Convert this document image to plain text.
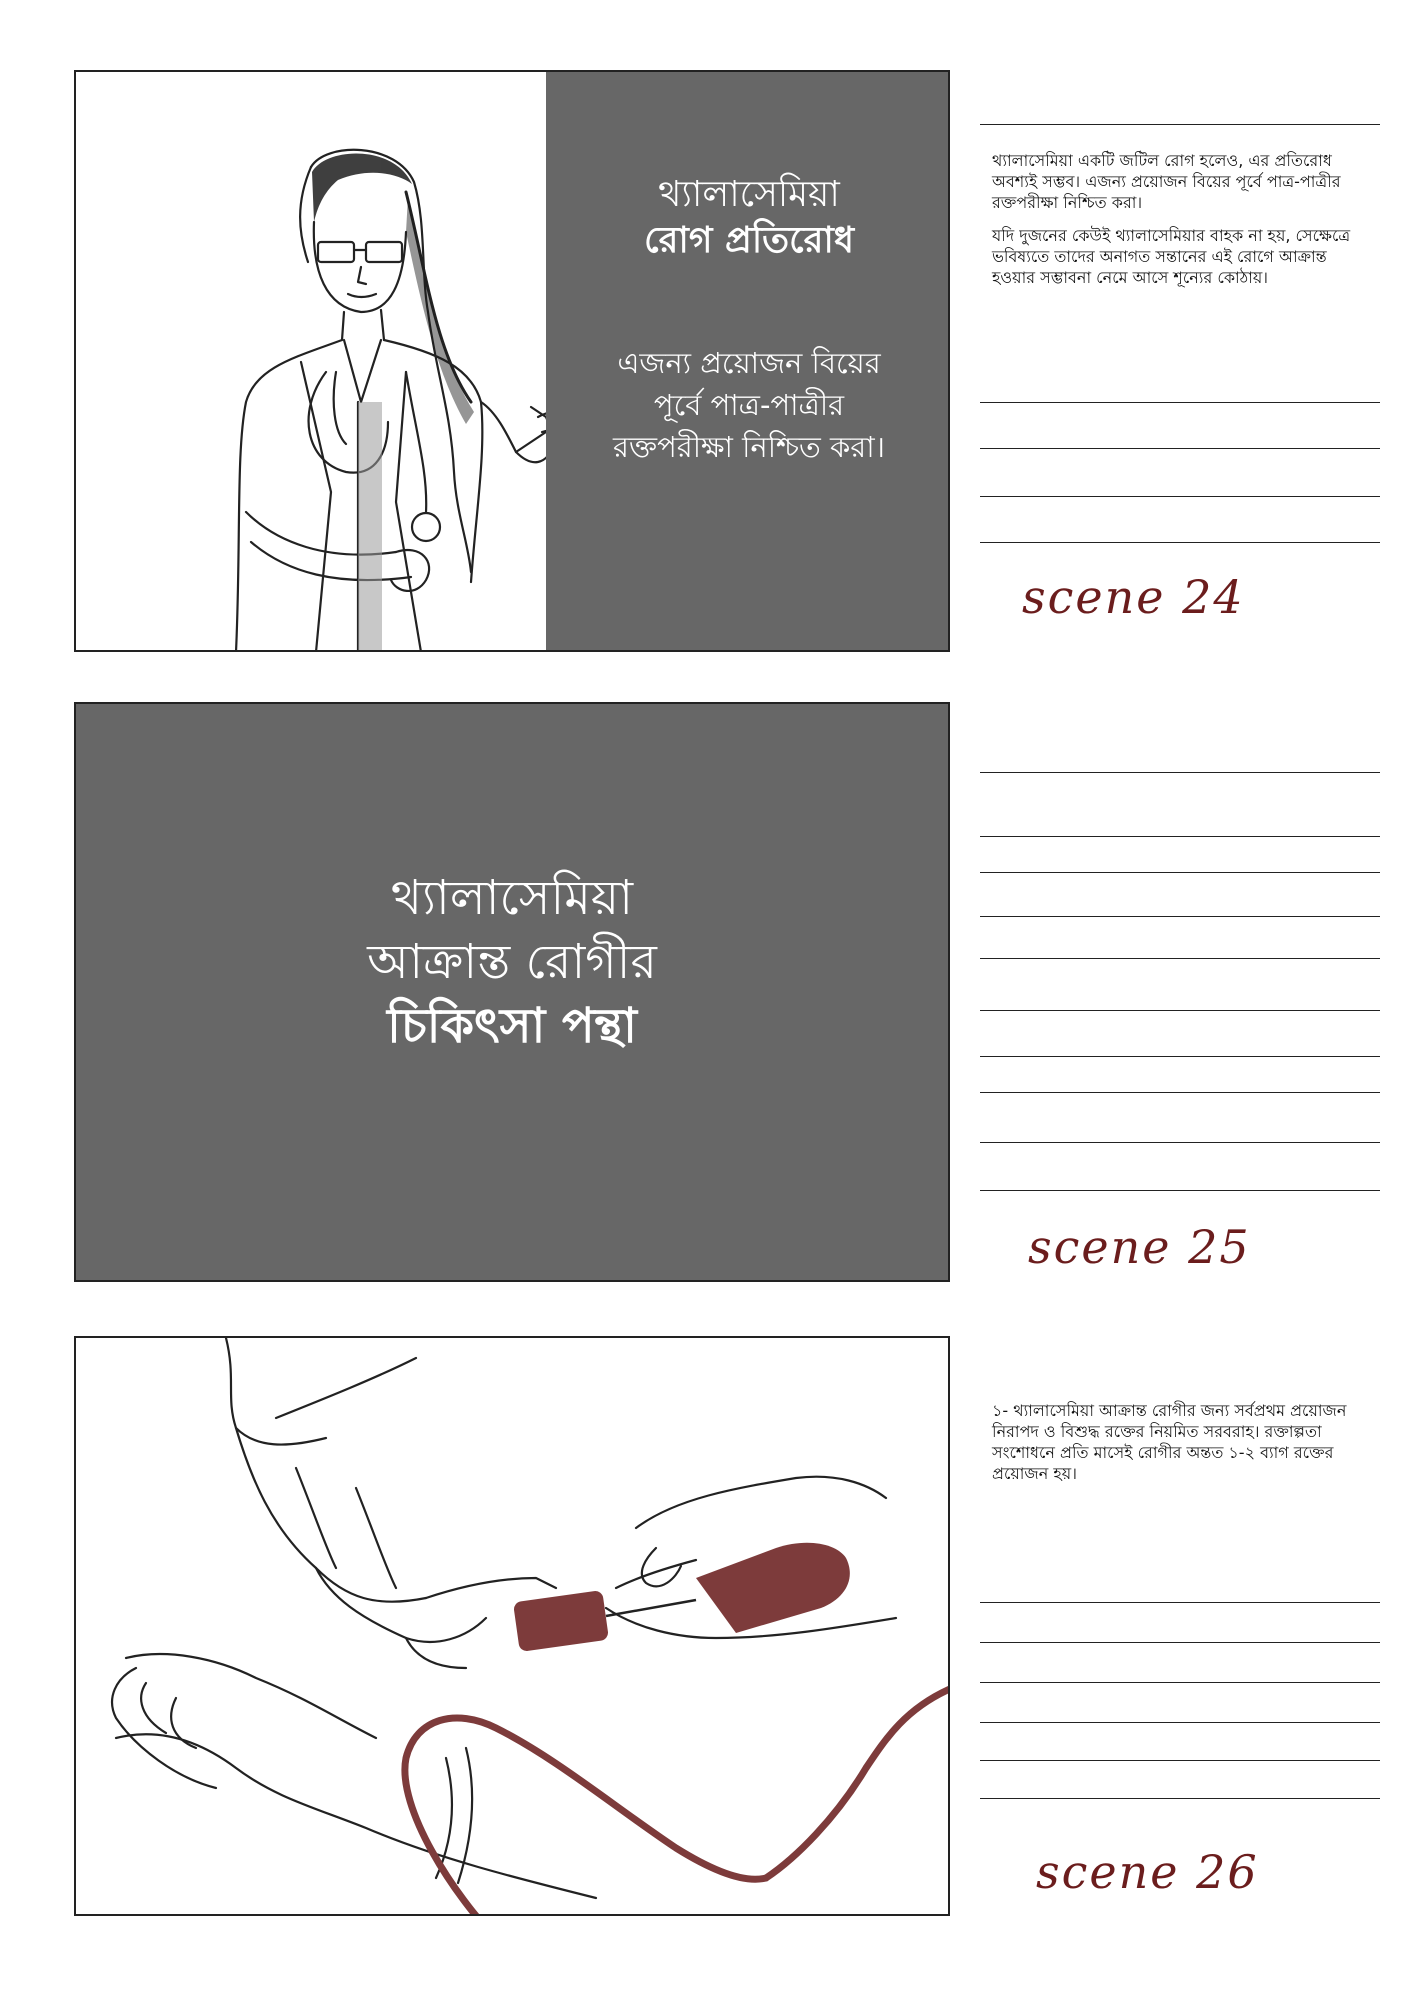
থ্যালাসেমিয়া
রোগ প্রতিরোধ
এজন্য প্রয়োজন বিয়ের
পূর্বে পাত্র-পাত্রীর
রক্তপরীক্ষা নিশ্চিত করা।

থ্যালাসেমিয়া একটি জটিল রোগ হলেও, এর প্রতিরোধ অবশ্যই সম্ভব। এজন্য প্রয়োজন বিয়ের পূর্বে পাত্র-পাত্রীর রক্তপরীক্ষা নিশ্চিত করা।

যদি দুজনের কেউই থ্যালাসেমিয়ার বাহক না হয়, সেক্ষেত্রে ভবিষ্যতে তাদের অনাগত সন্তানের এই রোগে আক্রান্ত হওয়ার সম্ভাবনা নেমে আসে শূন্যের কোঠায়।

scene 24
থ্যালাসেমিয়া
আক্রান্ত রোগীর
চিকিৎসা পন্থা
scene 25

১- থ্যালাসেমিয়া আক্রান্ত রোগীর জন্য সর্বপ্রথম প্রয়োজন নিরাপদ ও বিশুদ্ধ রক্তের নিয়মিত সরবরাহ। রক্তাল্পতা সংশোধনে প্রতি মাসেই রোগীর অন্তত ১-২ ব্যাগ রক্তের প্রয়োজন হয়।

scene 26
